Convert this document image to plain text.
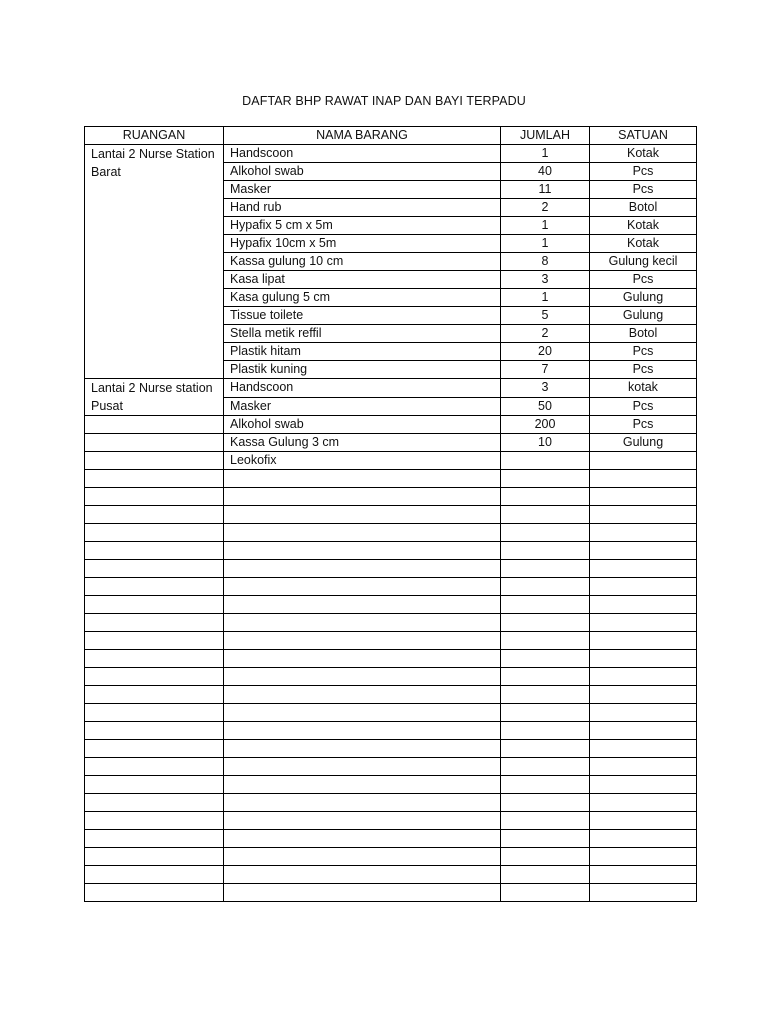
DAFTAR BHP RAWAT INAP DAN BAYI TERPADU
RUANGAN	NAMA BARANG	JUMLAH	SATUAN
Lantai 2 Nurse Station Barat	Handscoon	1	Kotak
	Alkohol swab	40	Pcs
	Masker	11	Pcs
	Hand rub	2	Botol
	Hypafix 5 cm x 5m	1	Kotak
	Hypafix 10cm x 5m	1	Kotak
	Kassa gulung 10 cm	8	Gulung kecil
	Kasa lipat	3	Pcs
	Kasa gulung 5 cm	1	Gulung
	Tissue toilete	5	Gulung
	Stella metik reffil	2	Botol
	Plastik hitam	20	Pcs
	Plastik kuning	7	Pcs
Lantai 2 Nurse station Pusat	Handscoon	3	kotak
	Masker	50	Pcs
	Alkohol swab	200	Pcs
	Kassa Gulung 3 cm	10	Gulung
	Leokofix		
